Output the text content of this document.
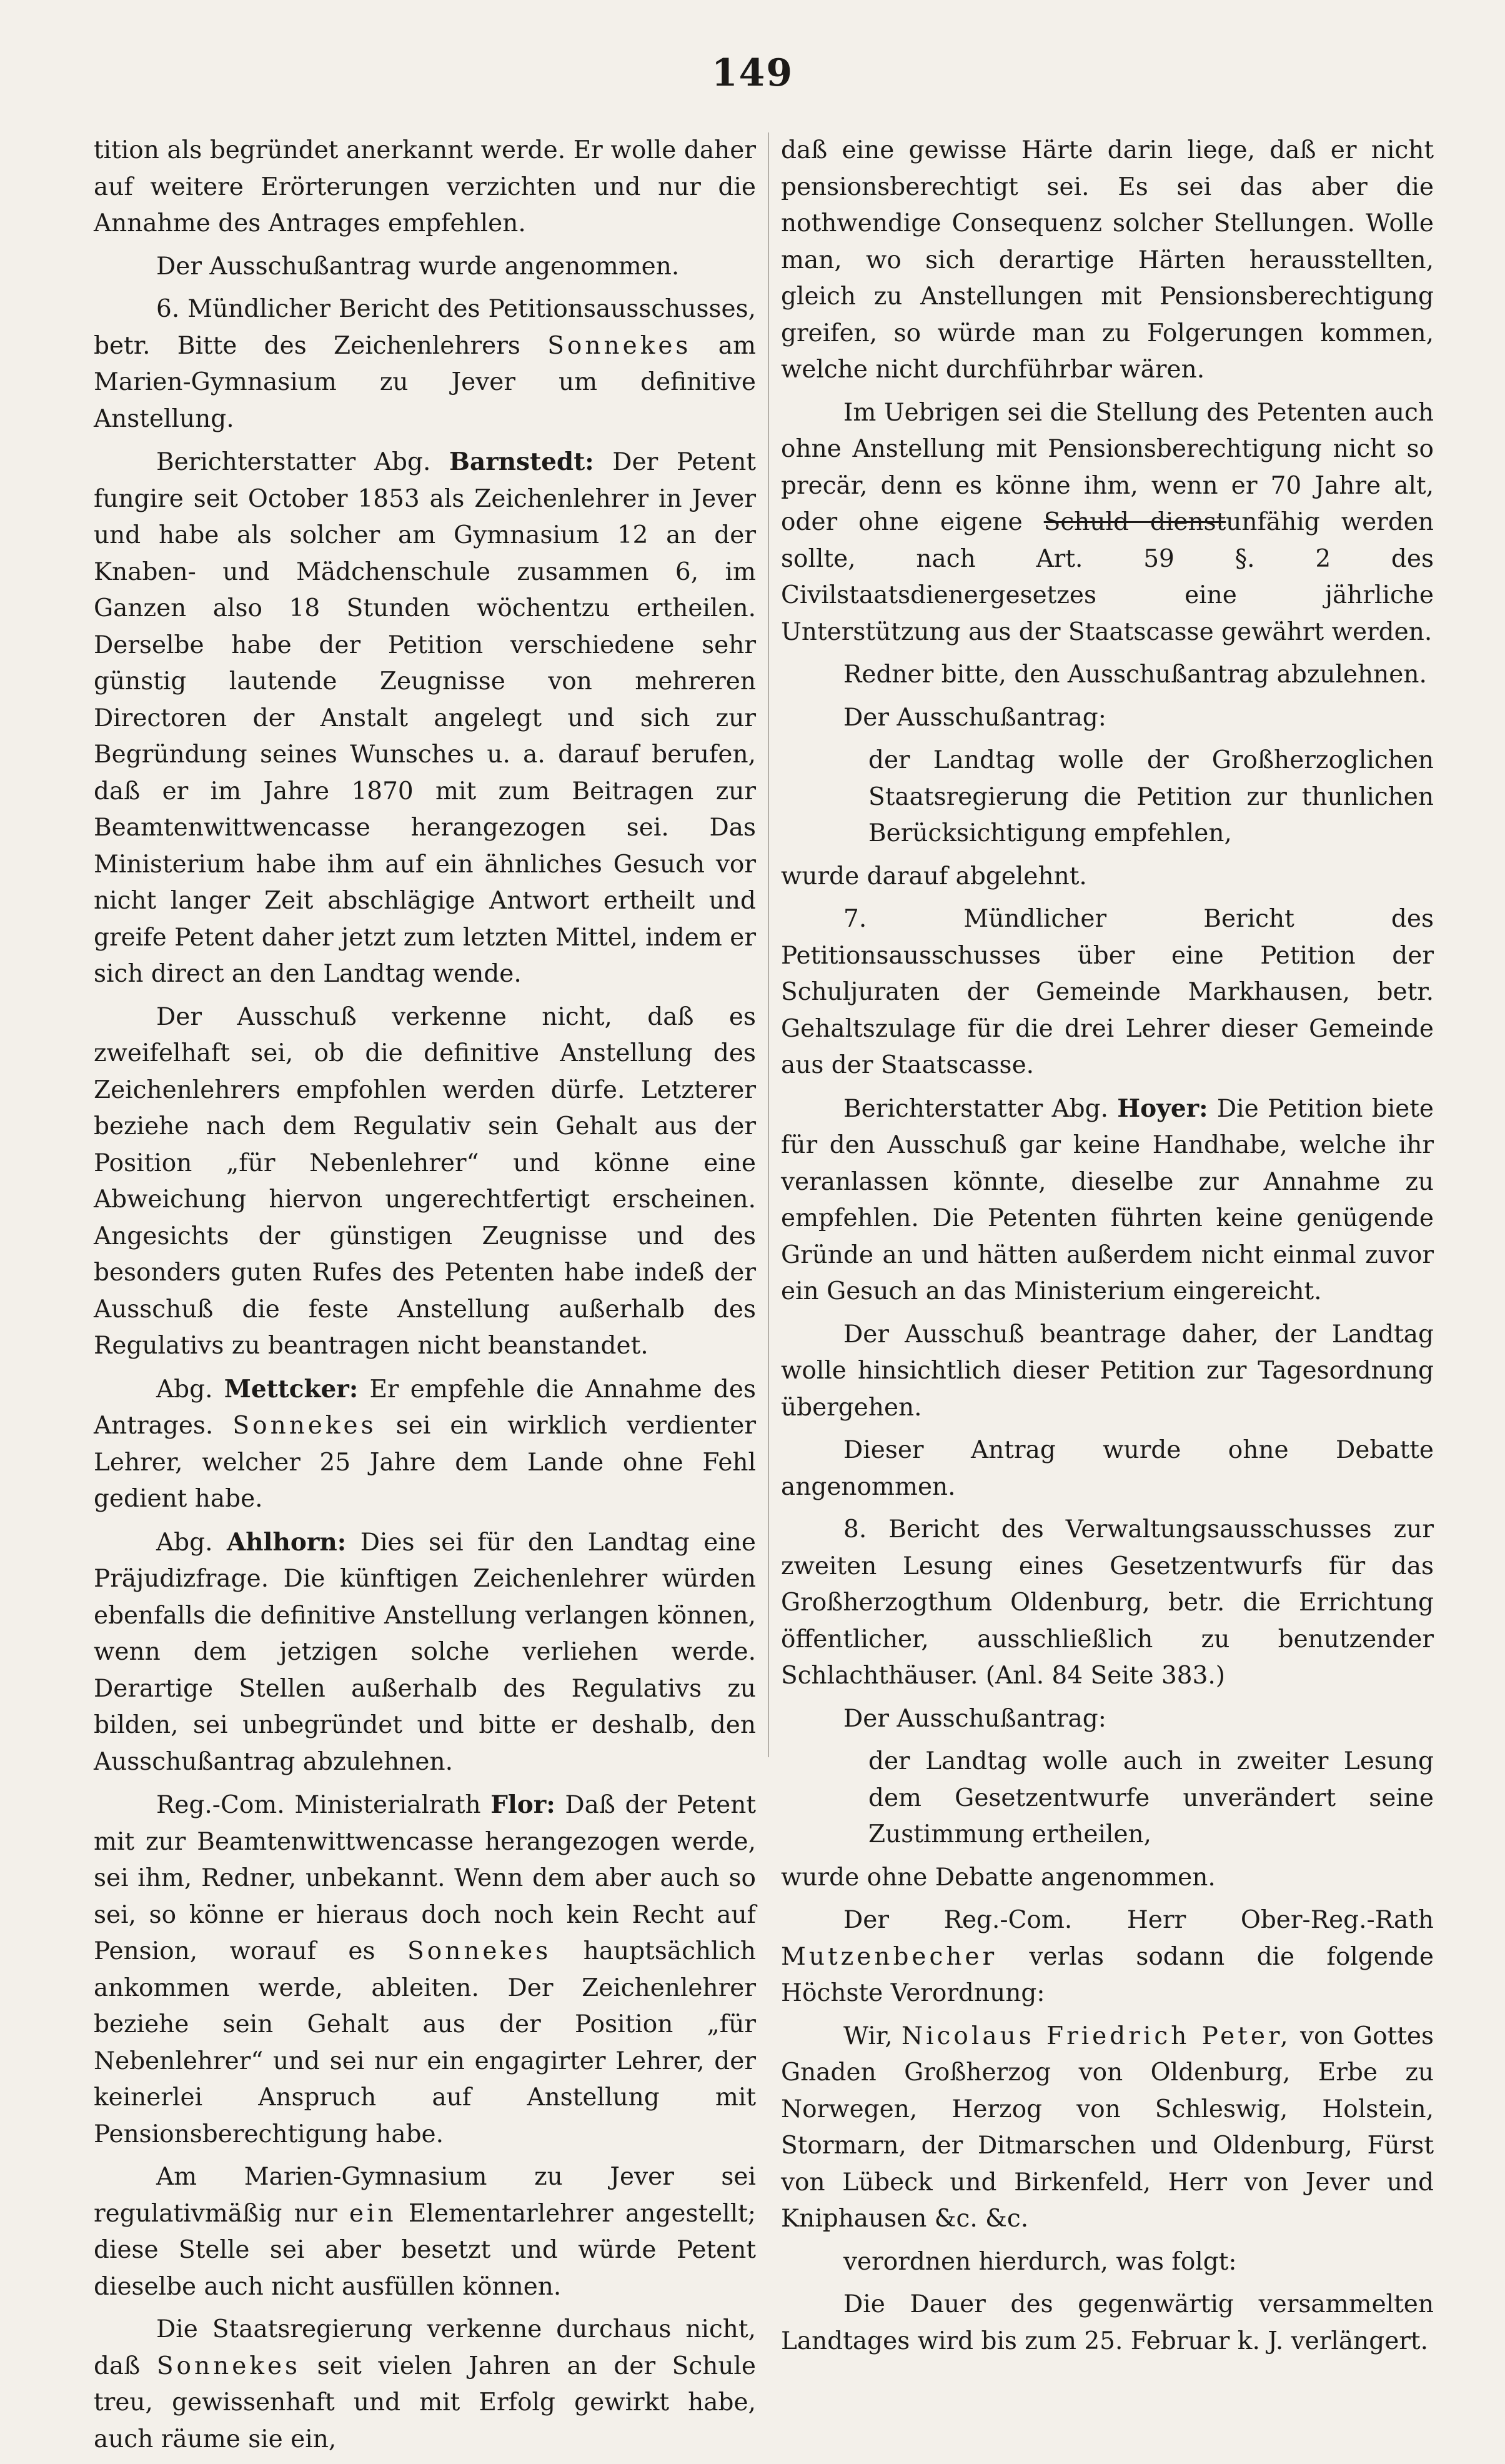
149

tition als begründet anerkannt werde. Er wolle daher auf weitere Erörterungen verzichten und nur die Annahme des Antrages empfehlen.

Der Ausschußantrag wurde angenommen.

6. Mündlicher Bericht des Petitionsausschusses, betr. Bitte des Zeichenlehrers Sonnekes am Marien-Gymnasium zu Jever um definitive Anstellung.

Berichterstatter Abg. Barnstedt: Der Petent fungire seit October 1853 als Zeichenlehrer in Jever und habe als solcher am Gymnasium 12 an der Knaben- und Mädchenschule zusammen 6, im Ganzen also 18 Stunden wöchentzu ertheilen. Derselbe habe der Petition verschiedene sehr günstig lautende Zeugnisse von mehreren Directoren der Anstalt angelegt und sich zur Begründung seines Wunsches u. a. darauf berufen, daß er im Jahre 1870 mit zum Beitragen zur Beamtenwittwencasse herangezogen sei. Das Ministerium habe ihm auf ein ähnliches Gesuch vor nicht langer Zeit abschlägige Antwort ertheilt und greife Petent daher jetzt zum letzten Mittel, indem er sich direct an den Landtag wende.

Der Ausschuß verkenne nicht, daß es zweifelhaft sei, ob die definitive Anstellung des Zeichenlehrers empfohlen werden dürfe. Letzterer beziehe nach dem Regulativ sein Gehalt aus der Position „für Nebenlehrer“ und könne eine Abweichung hiervon ungerechtfertigt erscheinen. Angesichts der günstigen Zeugnisse und des besonders guten Rufes des Petenten habe indeß der Ausschuß die feste Anstellung außerhalb des Regulativs zu beantragen nicht beanstandet.

Abg. Mettcker: Er empfehle die Annahme des Antrages. Sonnekes sei ein wirklich verdienter Lehrer, welcher 25 Jahre dem Lande ohne Fehl gedient habe.

Abg. Ahlhorn: Dies sei für den Landtag eine Präjudizfrage. Die künftigen Zeichenlehrer würden ebenfalls die definitive Anstellung verlangen können, wenn dem jetzigen solche verliehen werde. Derartige Stellen außerhalb des Regulativs zu bilden, sei unbegründet und bitte er deshalb, den Ausschußantrag abzulehnen.

Reg.-Com. Ministerialrath Flor: Daß der Petent mit zur Beamtenwittwencasse herangezogen werde, sei ihm, Redner, unbekannt. Wenn dem aber auch so sei, so könne er hieraus doch noch kein Recht auf Pension, worauf es Sonnekes hauptsächlich ankommen werde, ableiten. Der Zeichenlehrer beziehe sein Gehalt aus der Position „für Nebenlehrer“ und sei nur ein engagirter Lehrer, der keinerlei Anspruch auf Anstellung mit Pensionsberechtigung habe.

Am Marien-Gymnasium zu Jever sei regulativmäßig nur ein Elementarlehrer angestellt; diese Stelle sei aber besetzt und würde Petent dieselbe auch nicht ausfüllen können.

Die Staatsregierung verkenne durchaus nicht, daß Sonnekes seit vielen Jahren an der Schule treu, gewissenhaft und mit Erfolg gewirkt habe, auch räume sie ein,

daß eine gewisse Härte darin liege, daß er nicht pensionsberechtigt sei. Es sei das aber die nothwendige Consequenz solcher Stellungen. Wolle man, wo sich derartige Härten herausstellten, gleich zu Anstellungen mit Pensionsberechtigung greifen, so würde man zu Folgerungen kommen, welche nicht durchführbar wären.

Im Uebrigen sei die Stellung des Petenten auch ohne Anstellung mit Pensionsberechtigung nicht so precär, denn es könne ihm, wenn er 70 Jahre alt, oder ohne eigene Schuld dienstunfähig werden sollte, nach Art. 59 §. 2 des Civilstaatsdienergesetzes eine jährliche Unterstützung aus der Staatscasse gewährt werden.

Redner bitte, den Ausschußantrag abzulehnen.

Der Ausschußantrag:

der Landtag wolle der Großherzoglichen Staatsregierung die Petition zur thunlichen Berücksichtigung empfehlen,

wurde darauf abgelehnt.

7. Mündlicher Bericht des Petitionsausschusses über eine Petition der Schuljuraten der Gemeinde Markhausen, betr. Gehaltszulage für die drei Lehrer dieser Gemeinde aus der Staatscasse.

Berichterstatter Abg. Hoyer: Die Petition biete für den Ausschuß gar keine Handhabe, welche ihr veranlassen könnte, dieselbe zur Annahme zu empfehlen. Die Petenten führten keine genügende Gründe an und hätten außerdem nicht einmal zuvor ein Gesuch an das Ministerium eingereicht.

Der Ausschuß beantrage daher, der Landtag wolle hinsichtlich dieser Petition zur Tagesordnung übergehen.

Dieser Antrag wurde ohne Debatte angenommen.

8. Bericht des Verwaltungsausschusses zur zweiten Lesung eines Gesetzentwurfs für das Großherzogthum Oldenburg, betr. die Errichtung öffentlicher, ausschließlich zu benutzender Schlachthäuser. (Anl. 84 Seite 383.)

Der Ausschußantrag:

der Landtag wolle auch in zweiter Lesung dem Gesetzentwurfe unverändert seine Zustimmung ertheilen,

wurde ohne Debatte angenommen.

Der Reg.-Com. Herr Ober-Reg.-Rath Mutzenbecher verlas sodann die folgende Höchste Verordnung:

Wir, Nicolaus Friedrich Peter, von Gottes Gnaden Großherzog von Oldenburg, Erbe zu Norwegen, Herzog von Schleswig, Holstein, Stormarn, der Ditmarschen und Oldenburg, Fürst von Lübeck und Birkenfeld, Herr von Jever und Kniphausen &c. &c.

verordnen hierdurch, was folgt:

Die Dauer des gegenwärtig versammelten Landtages wird bis zum 25. Februar k. J. verlängert.
